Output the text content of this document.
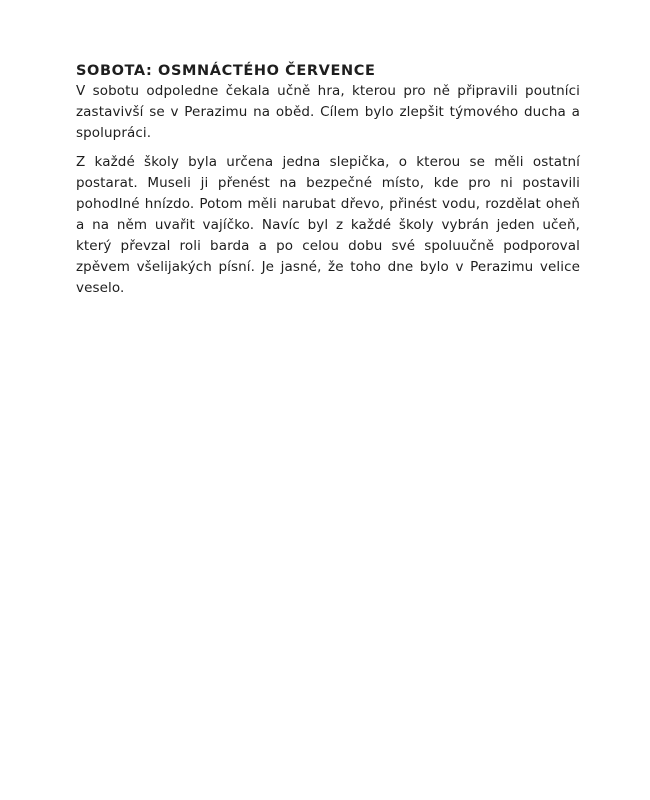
SOBOTA: OSMNÁCTÉHO ČERVENCE

V sobotu odpoledne čekala učně hra, kterou pro ně připravili poutníci zastavivší se v Perazimu na oběd. Cílem bylo zlepšit týmového ducha a spolupráci.

Z každé školy byla určena jedna slepička, o kterou se měli ostatní postarat. Museli ji přenést na bezpečné místo, kde pro ni postavili pohodlné hnízdo. Potom měli narubat dřevo, přinést vodu, rozdělat oheň a na něm uvařit vajíčko. Navíc byl z každé školy vybrán jeden učeň, který převzal roli barda a po celou dobu své spoluučně podporoval zpěvem všelijakých písní. Je jasné, že toho dne bylo v Perazimu velice veselo.
